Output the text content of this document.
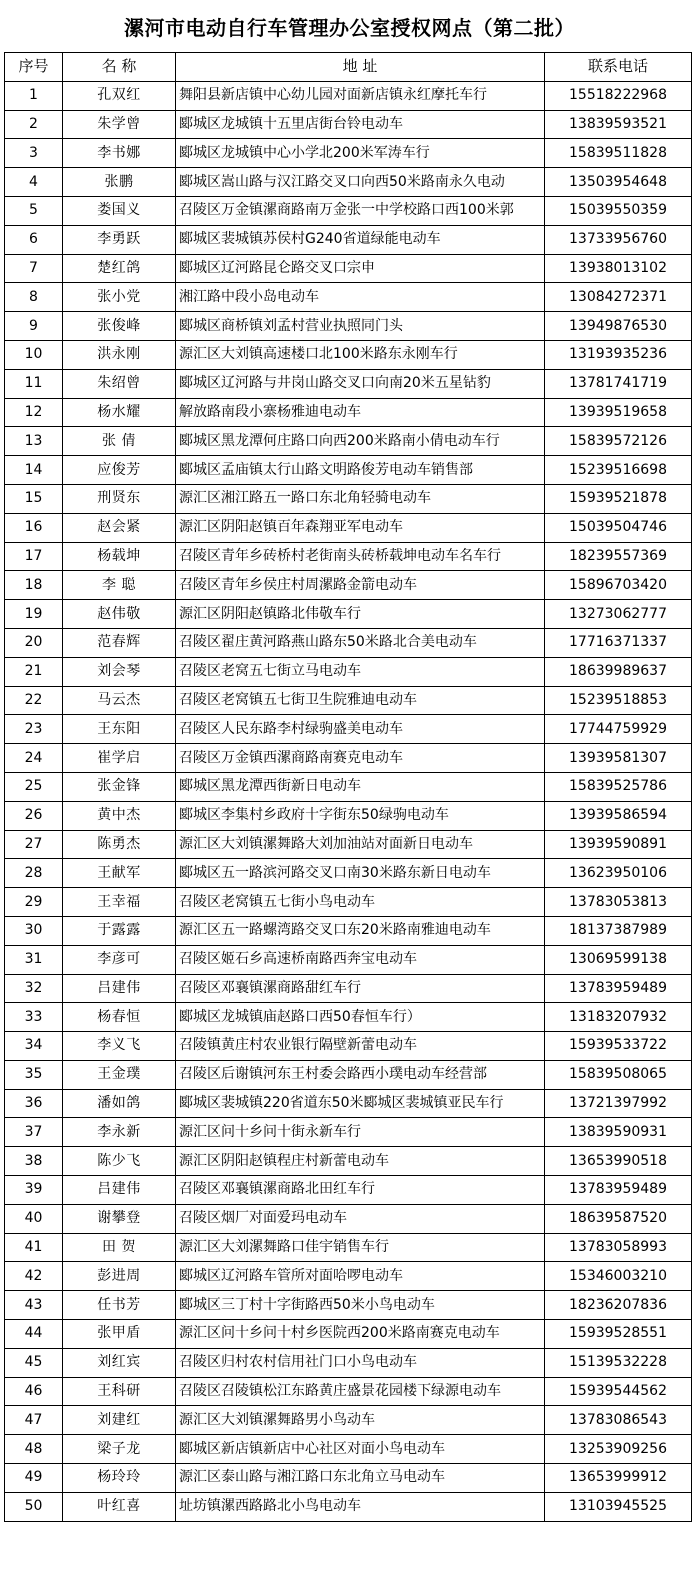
漯河市电动自行车管理办公室授权网点（第二批）
序号	名 称	地 址	联系电话
1	孔双红	舞阳县新店镇中心幼儿园对面新店镇永红摩托车行	15518222968
2	朱学曾	郾城区龙城镇十五里店街台铃电动车	13839593521
3	李书娜	郾城区龙城镇中心小学北200米军涛车行	15839511828
4	张鹏	郾城区嵩山路与汉江路交叉口向西50米路南永久电动	13503954648
5	娄国义	召陵区万金镇漯商路南万金张一中学校路口西100米郭	15039550359
6	李勇跃	郾城区裴城镇苏侯村G240省道绿能电动车	13733956760
7	楚红鸽	郾城区辽河路昆仑路交叉口宗申	13938013102
8	张小党	湘江路中段小岛电动车	13084272371
9	张俊峰	郾城区商桥镇刘孟村营业执照同门头	13949876530
10	洪永刚	源汇区大刘镇高速楼口北100米路东永刚车行	13193935236
11	朱绍曾	郾城区辽河路与井岗山路交叉口向南20米五星钻豹	13781741719
12	杨水耀	解放路南段小寨杨雅迪电动车	13939519658
13	张 倩	郾城区黑龙潭何庄路口向西200米路南小倩电动车行	15839572126
14	应俊芳	郾城区孟庙镇太行山路文明路俊芳电动车销售部	15239516698
15	刑贤东	源汇区湘江路五一路口东北角轻骑电动车	15939521878
16	赵会紧	源汇区阴阳赵镇百年森翔亚军电动车	15039504746
17	杨载坤	召陵区青年乡砖桥村老街南头砖桥载坤电动车名车行	18239557369
18	李 聪	召陵区青年乡侯庄村周漯路金箭电动车	15896703420
19	赵伟敬	源汇区阴阳赵镇路北伟敬车行	13273062777
20	范春辉	召陵区翟庄黄河路燕山路东50米路北合美电动车	17716371337
21	刘会琴	召陵区老窝五七街立马电动车	18639989637
22	马云杰	召陵区老窝镇五七街卫生院雅迪电动车	15239518853
23	王东阳	召陵区人民东路李村绿驹盛美电动车	17744759929
24	崔学启	召陵区万金镇西漯商路南赛克电动车	13939581307
25	张金锋	郾城区黑龙潭西街新日电动车	15839525786
26	黄中杰	郾城区李集村乡政府十字街东50绿驹电动车	13939586594
27	陈勇杰	源汇区大刘镇漯舞路大刘加油站对面新日电动车	13939590891
28	王献军	郾城区五一路滨河路交叉口南30米路东新日电动车	13623950106
29	王幸福	召陵区老窝镇五七街小鸟电动车	13783053813
30	于露露	源汇区五一路螺湾路交叉口东20米路南雅迪电动车	18137387989
31	李彦可	召陵区姬石乡高速桥南路西奔宝电动车	13069599138
32	吕建伟	召陵区邓襄镇漯商路甜红车行	13783959489
33	杨春恒	郾城区龙城镇庙赵路口西50春恒车行）	13183207932
34	李义飞	召陵镇黄庄村农业银行隔壁新蕾电动车	15939533722
35	王金璞	召陵区后谢镇河东王村委会路西小璞电动车经营部	15839508065
36	潘如鸽	郾城区裴城镇220省道东50米郾城区裴城镇亚民车行	13721397992
37	李永新	源汇区问十乡问十街永新车行	13839590931
38	陈少飞	源汇区阴阳赵镇程庄村新蕾电动车	13653990518
39	吕建伟	召陵区邓襄镇漯商路北田红车行	13783959489
40	谢攀登	召陵区烟厂对面爱玛电动车	18639587520
41	田 贺	源汇区大刘漯舞路口佳宇销售车行	13783058993
42	彭进周	郾城区辽河路车管所对面哈啰电动车	15346003210
43	任书芳	郾城区三丁村十字街路西50米小鸟电动车	18236207836
44	张甲盾	源汇区问十乡问十村乡医院西200米路南赛克电动车	15939528551
45	刘红宾	召陵区归村农村信用社门口小鸟电动车	15139532228
46	王科研	召陵区召陵镇松江东路黄庄盛景花园楼下绿源电动车	15939544562
47	刘建红	源汇区大刘镇漯舞路男小鸟动车	13783086543
48	梁子龙	郾城区新店镇新店中心社区对面小鸟电动车	13253909256
49	杨玲玲	源汇区泰山路与湘江路口东北角立马电动车	13653999912
50	叶红喜	址坊镇漯西路路北小鸟电动车	13103945525
